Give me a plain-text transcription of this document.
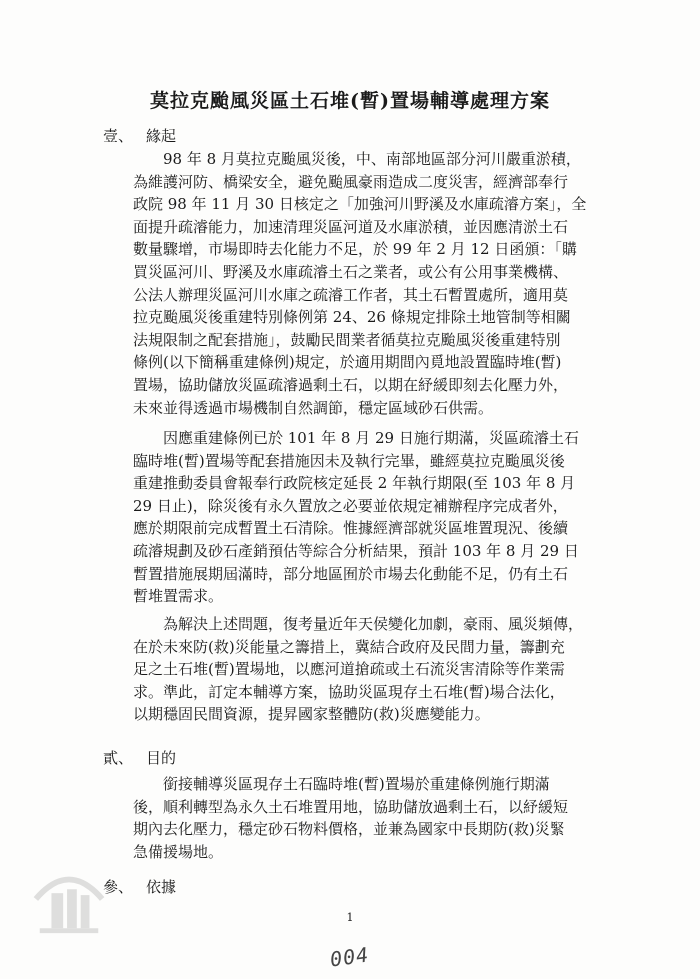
莫拉克颱風災區土石堆(暫)置場輔導處理方案
壹、 緣起
98 年 8 月莫拉克颱風災後，中、南部地區部分河川嚴重淤積，
為維護河防、橋梁安全，避免颱風豪雨造成二度災害，經濟部奉行
政院 98 年 11 月 30 日核定之「加強河川野溪及水庫疏濬方案」，全
面提升疏濬能力，加速清理災區河道及水庫淤積，並因應清淤土石
數量驟增，市場即時去化能力不足，於 99 年 2 月 12 日函頒：「購
買災區河川、野溪及水庫疏濬土石之業者，或公有公用事業機構、
公法人辦理災區河川水庫之疏濬工作者，其土石暫置處所，適用莫
拉克颱風災後重建特別條例第 24、26 條規定排除土地管制等相關
法規限制之配套措施」，鼓勵民間業者循莫拉克颱風災後重建特別
條例(以下簡稱重建條例)規定，於適用期間內覓地設置臨時堆(暫)
置場，協助儲放災區疏濬過剩土石，以期在紓緩即刻去化壓力外，
未來並得透過市場機制自然調節，穩定區域砂石供需。
因應重建條例已於 101 年 8 月 29 日施行期滿，災區疏濬土石
臨時堆(暫)置場等配套措施因未及執行完畢，雖經莫拉克颱風災後
重建推動委員會報奉行政院核定延長 2 年執行期限(至 103 年 8 月
29 日止)，除災後有永久置放之必要並依規定補辦程序完成者外，
應於期限前完成暫置土石清除。惟據經濟部就災區堆置現況、後續
疏濬規劃及砂石產銷預估等綜合分析結果，預計 103 年 8 月 29 日
暫置措施展期屆滿時，部分地區囿於市場去化動能不足，仍有土石
暫堆置需求。
為解決上述問題，復考量近年天侯變化加劇，豪雨、風災頻傳，
在於未來防(救)災能量之籌措上，冀結合政府及民間力量，籌劃充
足之土石堆(暫)置場地，以應河道搶疏或土石流災害清除等作業需
求。準此，訂定本輔導方案，協助災區現存土石堆(暫)場合法化，
以期穩固民間資源，提昇國家整體防(救)災應變能力。
貳、 目的
銜接輔導災區現存土石臨時堆(暫)置場於重建條例施行期滿
後，順利轉型為永久土石堆置用地，協助儲放過剩土石，以紓緩短
期內去化壓力，穩定砂石物料價格，並兼為國家中長期防(救)災緊
急備援場地。
參、 依據
1
004
